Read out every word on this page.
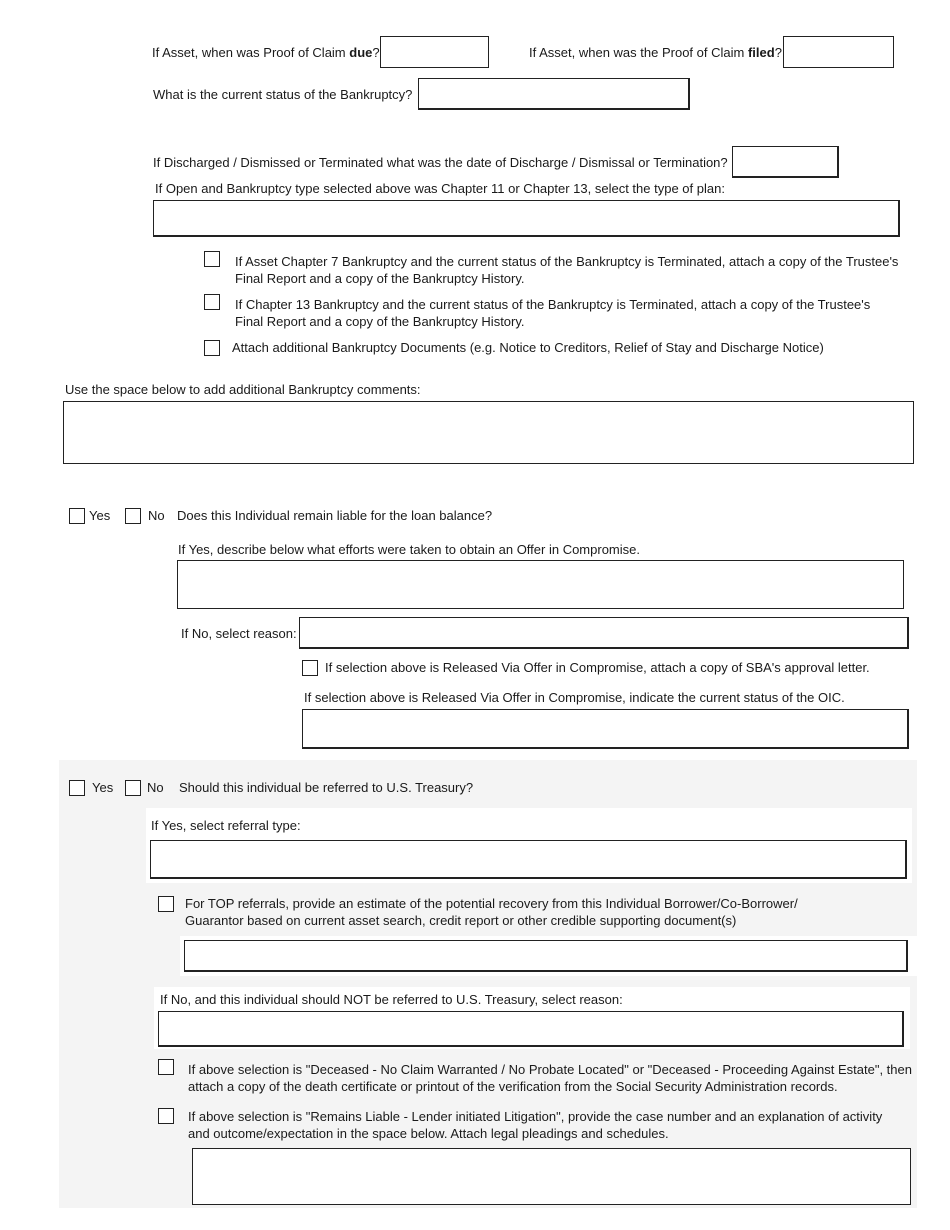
If Asset, when was Proof of Claim due?	If Asset, when was the Proof of Claim filed?
What is the current status of the Bankruptcy?
If Discharged / Dismissed or Terminated what was the date of Discharge / Dismissal or Termination?
If Open and Bankruptcy type selected above was Chapter 11 or Chapter 13, select the type of plan:
If Asset Chapter 7 Bankruptcy and the current status of the Bankruptcy is Terminated, attach a copy of the Trustee's
Final Report and a copy of the Bankruptcy History.
If Chapter 13 Bankruptcy and the current status of the Bankruptcy is Terminated, attach a copy of the Trustee's
Final Report and a copy of the Bankruptcy History.
Attach additional Bankruptcy Documents (e.g. Notice to Creditors, Relief of Stay and Discharge Notice)
Use the space below to add additional Bankruptcy comments:
Yes	No Does this Individual remain liable for the loan balance?
If Yes, describe below what efforts were taken to obtain an Offer in Compromise.
If No, select reason:
If selection above is Released Via Offer in Compromise, attach a copy of SBA's approval letter.
If selection above is Released Via Offer in Compromise, indicate the current status of the OIC.
Yes	No Should this individual be referred to U.S. Treasury?
If Yes, select referral type:
For TOP referrals, provide an estimate of the potential recovery from this Individual Borrower/Co-Borrower/
Guarantor based on current asset search, credit report or other credible supporting document(s)
If No, and this individual should NOT be referred to U.S. Treasury, select reason:
If above selection is "Deceased - No Claim Warranted / No Probate Located" or "Deceased - Proceeding Against Estate", then
attach a copy of the death certificate or printout of the verification from the Social Security Administration records.
If above selection is "Remains Liable - Lender initiated Litigation", provide the case number and an explanation of activity
and outcome/expectation in the space below. Attach legal pleadings and schedules.
